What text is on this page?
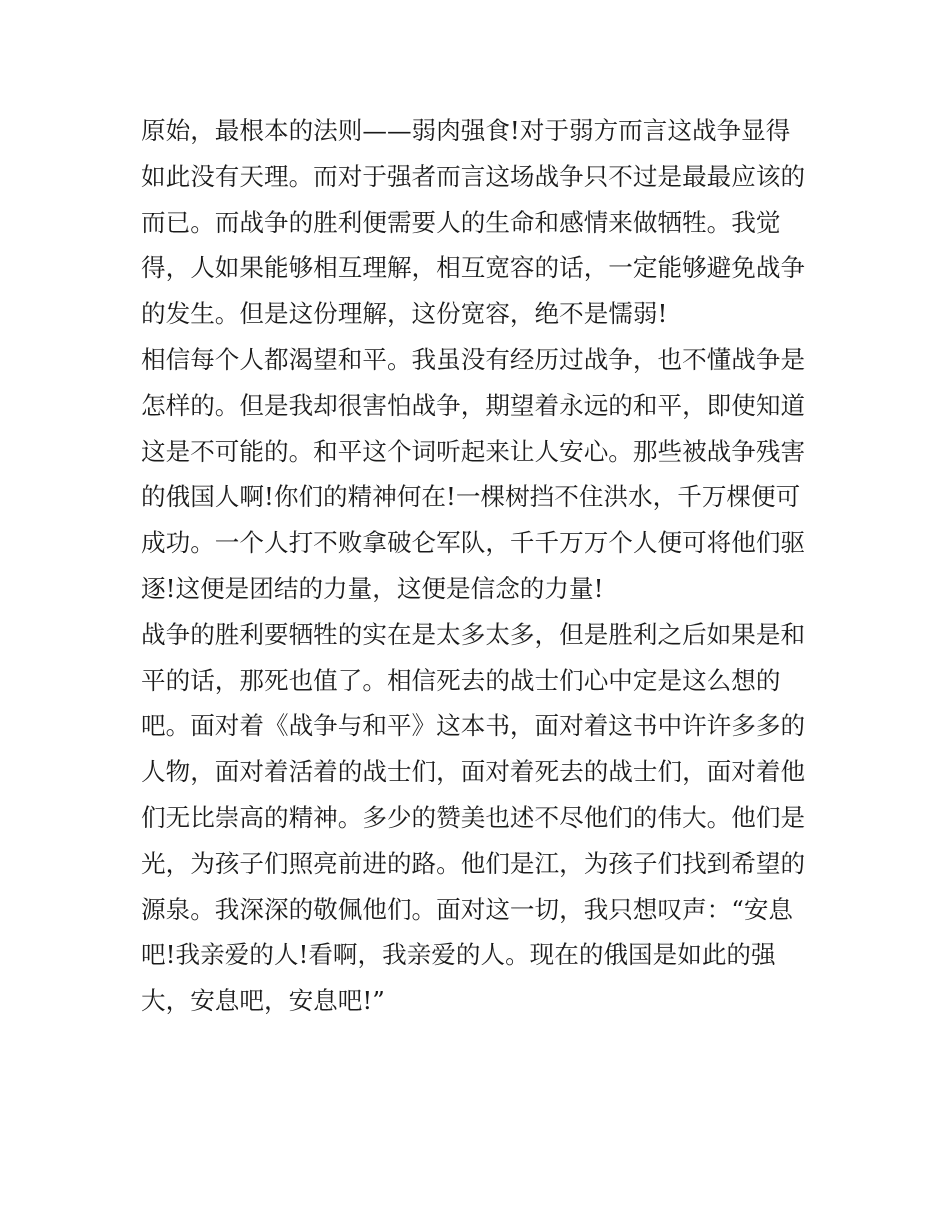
原始，最根本的法则——弱肉强食!对于弱方而言这战争显得
如此没有天理。而对于强者而言这场战争只不过是最最应该的
而已。而战争的胜利便需要人的生命和感情来做牺牲。我觉
得，人如果能够相互理解，相互宽容的话，一定能够避免战争
的发生。但是这份理解，这份宽容，绝不是懦弱!
相信每个人都渴望和平。我虽没有经历过战争，也不懂战争是
怎样的。但是我却很害怕战争，期望着永远的和平，即使知道
这是不可能的。和平这个词听起来让人安心。那些被战争残害
的俄国人啊!你们的精神何在!一棵树挡不住洪水，千万棵便可
成功。一个人打不败拿破仑军队，千千万万个人便可将他们驱
逐!这便是团结的力量，这便是信念的力量!
战争的胜利要牺牲的实在是太多太多，但是胜利之后如果是和
平的话，那死也值了。相信死去的战士们心中定是这么想的
吧。面对着《战争与和平》这本书，面对着这书中许许多多的
人物，面对着活着的战士们，面对着死去的战士们，面对着他
们无比崇高的精神。多少的赞美也述不尽他们的伟大。他们是
光，为孩子们照亮前进的路。他们是江，为孩子们找到希望的
源泉。我深深的敬佩他们。面对这一切，我只想叹声：“安息
吧!我亲爱的人!看啊，我亲爱的人。现在的俄国是如此的强
大，安息吧，安息吧!”
